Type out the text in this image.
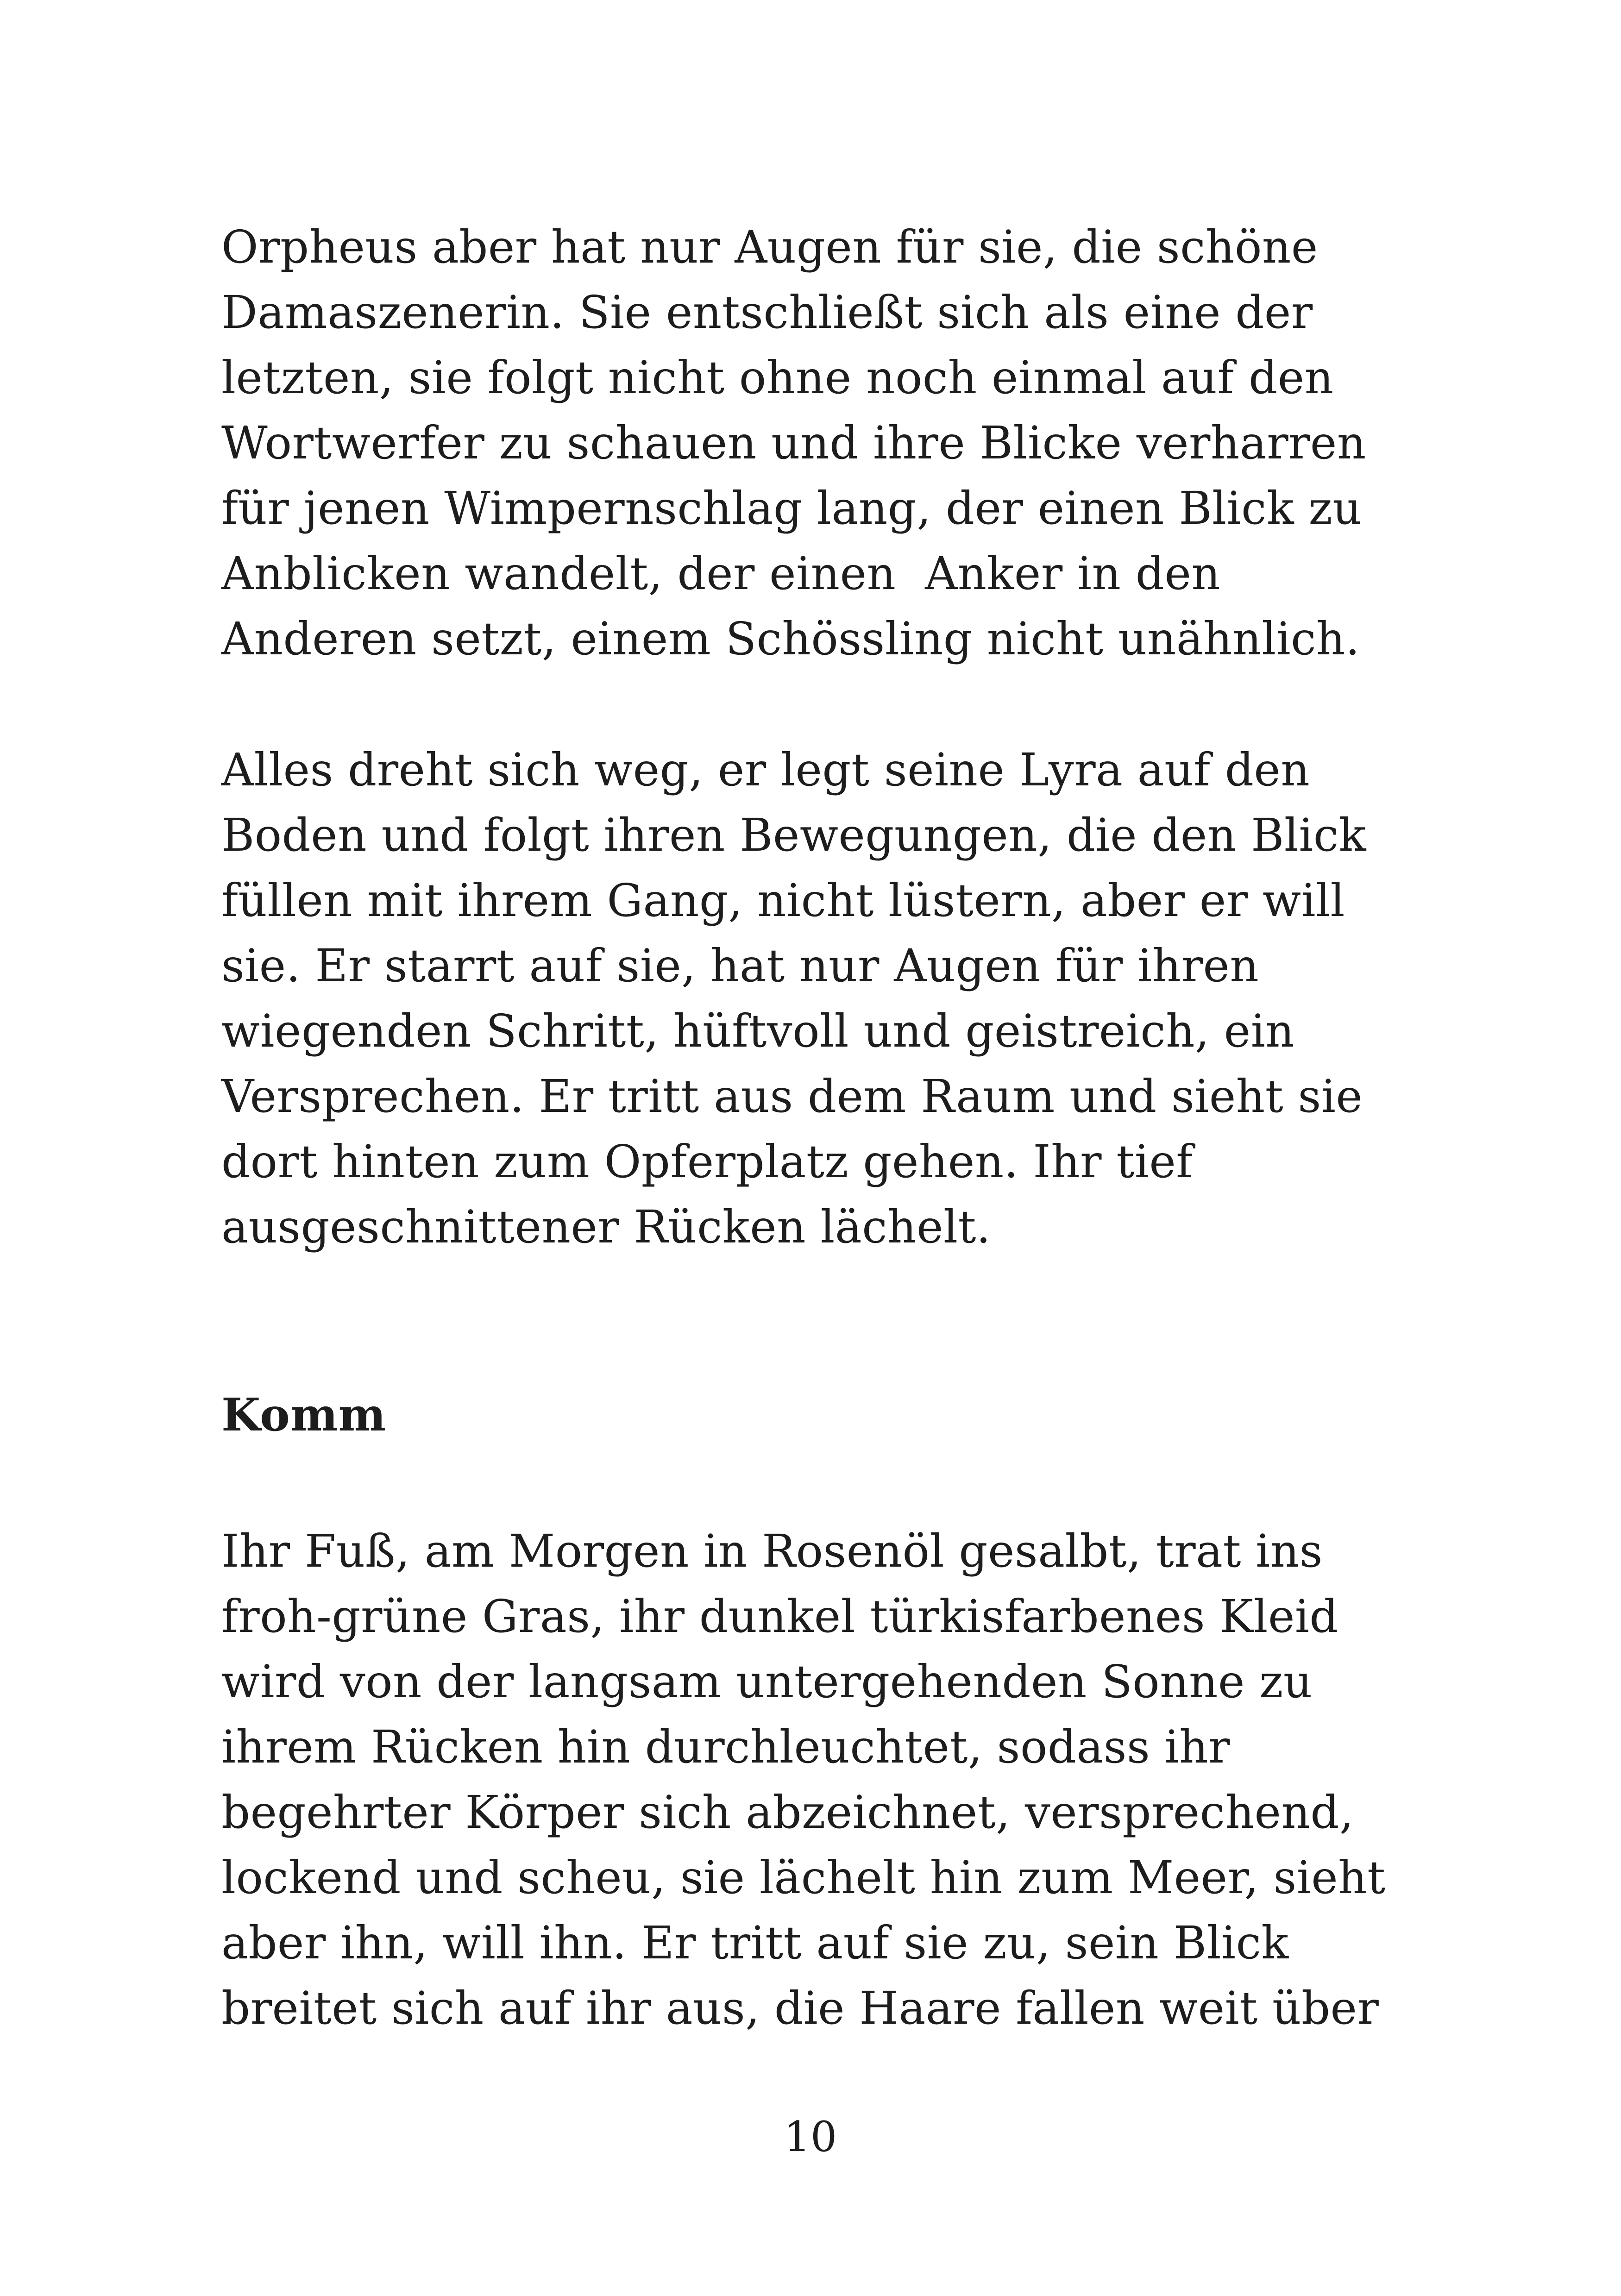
Orpheus aber hat nur Augen für sie, die schöne
Damaszenerin. Sie entschließt sich als eine der
letzten, sie folgt nicht ohne noch einmal auf den
Wortwerfer zu schauen und ihre Blicke verharren
für jenen Wimpernschlag lang, der einen Blick zu
Anblicken wandelt, der einen  Anker in den
Anderen setzt, einem Schössling nicht unähnlich.

Alles dreht sich weg, er legt seine Lyra auf den
Boden und folgt ihren Bewegungen, die den Blick
füllen mit ihrem Gang, nicht lüstern, aber er will
sie. Er starrt auf sie, hat nur Augen für ihren
wiegenden Schritt, hüftvoll und geistreich, ein
Versprechen. Er tritt aus dem Raum und sieht sie
dort hinten zum Opferplatz gehen. Ihr tief
ausgeschnittener Rücken lächelt.

Komm

Ihr Fuß, am Morgen in Rosenöl gesalbt, trat ins
froh-grüne Gras, ihr dunkel türkisfarbenes Kleid
wird von der langsam untergehenden Sonne zu
ihrem Rücken hin durchleuchtet, sodass ihr
begehrter Körper sich abzeichnet, versprechend,
lockend und scheu, sie lächelt hin zum Meer, sieht
aber ihn, will ihn. Er tritt auf sie zu, sein Blick
breitet sich auf ihr aus, die Haare fallen weit über

10
